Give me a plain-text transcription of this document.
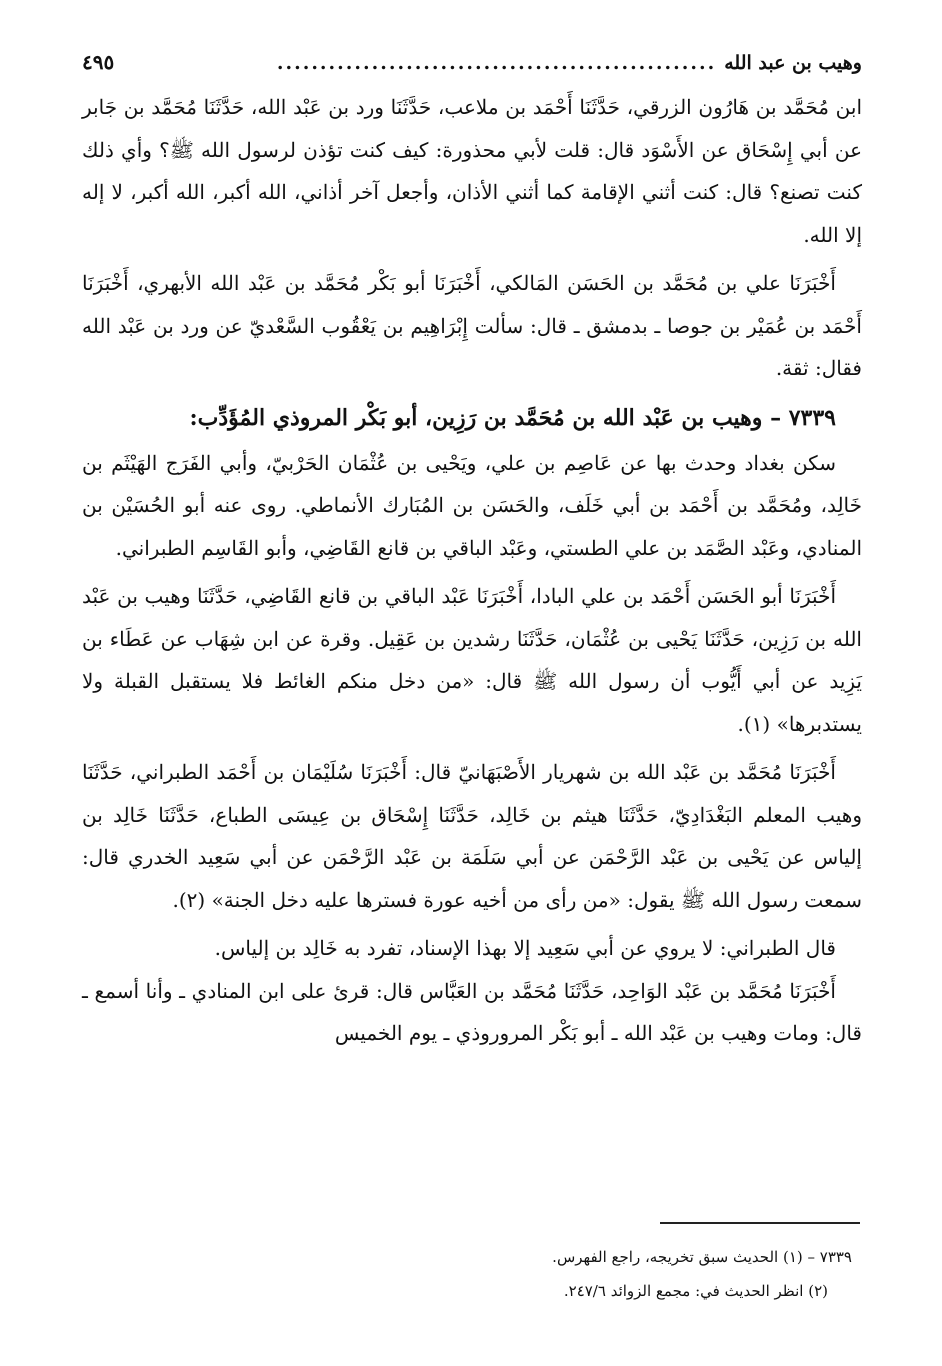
وهيب بن عبد الله
...................................................
٤٩٥

ابن مُحَمَّد بن هَارُون الزرقي، حَدَّثَنَا أَحْمَد بن ملاعب، حَدَّثَنَا ورد بن عَبْد الله، حَدَّثَنَا مُحَمَّد بن جَابر عن أبي إِسْحَاق عن الأَسْوَد قال: قلت لأبي محذورة: كيف كنت تؤذن لرسول الله ﷺ؟ وأي ذلك كنت تصنع؟ قال: كنت أثني الإقامة كما أثني الأذان، وأجعل آخر أذاني، الله أكبر، الله أكبر، لا إله إلا الله.

أَخْبَرَنَا علي بن مُحَمَّد بن الحَسَن المَالكي، أَخْبَرَنَا أبو بَكْر مُحَمَّد بن عَبْد الله الأبهري، أَخْبَرَنَا أَحْمَد بن عُمَيْر بن جوصا ـ بدمشق ـ قال: سألت إِبْرَاهِيم بن يَعْقُوب السَّعْديّ عن ورد بن عَبْد الله فقال: ثقة.

٧٣٣٩ – وهيب بن عَبْد الله بن مُحَمَّد بن رَزِين، أبو بَكْر المروذي المُؤَدِّب:

سكن بغداد وحدث بها عن عَاصِم بن علي، ويَحْيى بن عُثْمَان الحَرْبيّ، وأبي الفَرَج الهَيْثَم بن خَالِد، ومُحَمَّد بن أَحْمَد بن أبي خَلَف، والحَسَن بن المُبَارك الأنماطي. روى عنه أبو الحُسَيْن بن المنادي، وعَبْد الصَّمَد بن علي الطستي، وعَبْد الباقي بن قانع القَاضِي، وأبو القَاسِم الطبراني.

أَخْبَرَنَا أبو الحَسَن أَحْمَد بن علي البادا، أَخْبَرَنَا عَبْد الباقي بن قانع القَاضِي، حَدَّثَنَا وهيب بن عَبْد الله بن رَزِين، حَدَّثَنَا يَحْيى بن عُثْمَان، حَدَّثَنَا رشدين بن عَقِيل. وقرة عن ابن شِهَاب عن عَطَاء بن يَزِيد عن أبي أَيُّوب أن رسول الله ﷺ قال: «من دخل منكم الغائط فلا يستقبل القبلة ولا يستدبرها» (١).

أَخْبَرَنَا مُحَمَّد بن عَبْد الله بن شهريار الأَصْبَهَانيّ قال: أَخْبَرَنَا سُلَيْمَان بن أَحْمَد الطبراني، حَدَّثَنَا وهيب المعلم البَغْدَادِيّ، حَدَّثَنَا هيثم بن خَالِد، حَدَّثَنَا إِسْحَاق بن عِيسَى الطباع، حَدَّثَنَا خَالِد بن إلياس عن يَحْيى بن عَبْد الرَّحْمَن عن أبي سَلَمَة بن عَبْد الرَّحْمَن عن أبي سَعِيد الخدري قال: سمعت رسول الله ﷺ يقول: «من رأى من أخيه عورة فسترها عليه دخل الجنة» (٢).

قال الطبراني: لا يروي عن أبي سَعِيد إلا بهذا الإسناد، تفرد به خَالِد بن إلياس.

أَخْبَرَنَا مُحَمَّد بن عَبْد الوَاحِد، حَدَّثَنَا مُحَمَّد بن العَبَّاس قال: قرئ على ابن المنادي ـ وأنا أسمع ـ قال: ومات وهيب بن عَبْد الله ـ أبو بَكْر المروروذي ـ يوم الخميس

٧٣٣٩ – (١) الحديث سبق تخريجه، راجع الفهرس.

(٢) انظر الحديث في: مجمع الزوائد ٢٤٧/٦.
